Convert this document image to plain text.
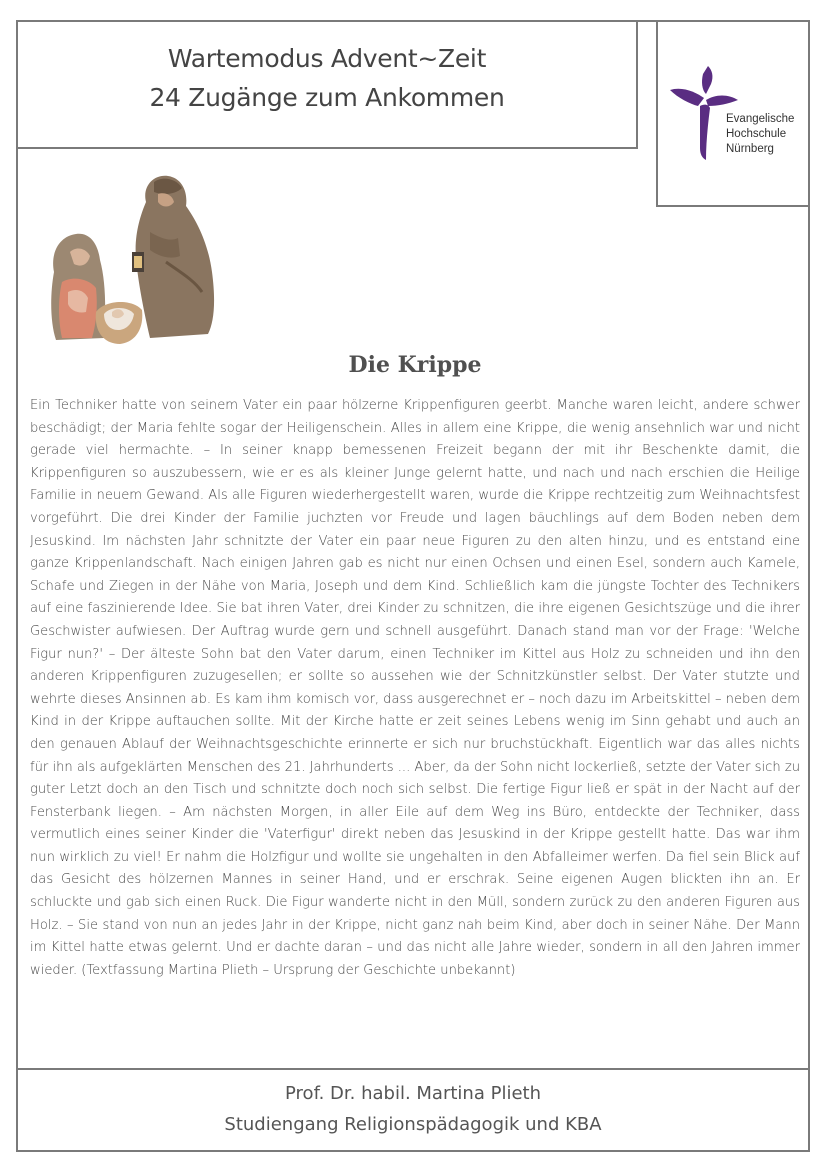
Wartemodus Advent~Zeit
24 Zugänge zum Ankommen
Evangelische
Hochschule
Nürnberg
Die Krippe
Ein Techniker hatte von seinem Vater ein paar hölzerne Krippenfiguren geerbt. Manche waren leicht, andere schwer beschädigt; der Maria fehlte sogar der Heiligenschein. Alles in allem eine Krippe, die wenig ansehnlich war und nicht gerade viel hermachte. – In seiner knapp bemessenen Freizeit begann der mit ihr Beschenkte damit, die Krippenfiguren so auszubessern, wie er es als kleiner Junge gelernt hatte, und nach und nach erschien die Heilige Familie in neuem Gewand. Als alle Figuren wiederhergestellt waren, wurde die Krippe rechtzeitig zum Weihnachtsfest vorgeführt. Die drei Kinder der Familie juchzten vor Freude und lagen bäuchlings auf dem Boden neben dem Jesuskind. Im nächsten Jahr schnitzte der Vater ein paar neue Figuren zu den alten hinzu, und es entstand eine ganze Krippenlandschaft. Nach einigen Jahren gab es nicht nur einen Ochsen und einen Esel, sondern auch Kamele, Schafe und Ziegen in der Nähe von Maria, Joseph und dem Kind. Schließlich kam die jüngste Tochter des Technikers auf eine faszinierende Idee. Sie bat ihren Vater, drei Kinder zu schnitzen, die ihre eigenen Gesichtszüge und die ihrer Geschwister aufwiesen. Der Auftrag wurde gern und schnell ausgeführt. Danach stand man vor der Frage: 'Welche Figur nun?' – Der älteste Sohn bat den Vater darum, einen Techniker im Kittel aus Holz zu schneiden und ihn den anderen Krippenfiguren zuzugesellen; er sollte so aussehen wie der Schnitzkünstler selbst. Der Vater stutzte und wehrte dieses Ansinnen ab. Es kam ihm komisch vor, dass ausgerechnet er – noch dazu im Arbeitskittel – neben dem Kind in der Krippe auftauchen sollte. Mit der Kirche hatte er zeit seines Lebens wenig im Sinn gehabt und auch an den genauen Ablauf der Weihnachtsgeschichte erinnerte er sich nur bruchstückhaft. Eigentlich war das alles nichts für ihn als aufgeklärten Menschen des 21. Jahrhunderts ... Aber, da der Sohn nicht lockerließ, setzte der Vater sich zu guter Letzt doch an den Tisch und schnitzte doch noch sich selbst. Die fertige Figur ließ er spät in der Nacht auf der Fensterbank liegen. – Am nächsten Morgen, in aller Eile auf dem Weg ins Büro, entdeckte der Techniker, dass vermutlich eines seiner Kinder die 'Vaterfigur' direkt neben das Jesuskind in der Krippe gestellt hatte. Das war ihm nun wirklich zu viel! Er nahm die Holzfigur und wollte sie ungehalten in den Abfalleimer werfen. Da fiel sein Blick auf das Gesicht des hölzernen Mannes in seiner Hand, und er erschrak. Seine eigenen Augen blickten ihn an. Er schluckte und gab sich einen Ruck. Die Figur wanderte nicht in den Müll, sondern zurück zu den anderen Figuren aus Holz. – Sie stand von nun an jedes Jahr in der Krippe, nicht ganz nah beim Kind, aber doch in seiner Nähe. Der Mann im Kittel hatte etwas gelernt. Und er dachte daran – und das nicht alle Jahre wieder, sondern in all den Jahren immer wieder. (Textfassung Martina Plieth – Ursprung der Geschichte unbekannt)
Prof. Dr. habil. Martina Plieth
Studiengang Religionspädagogik und KBA
